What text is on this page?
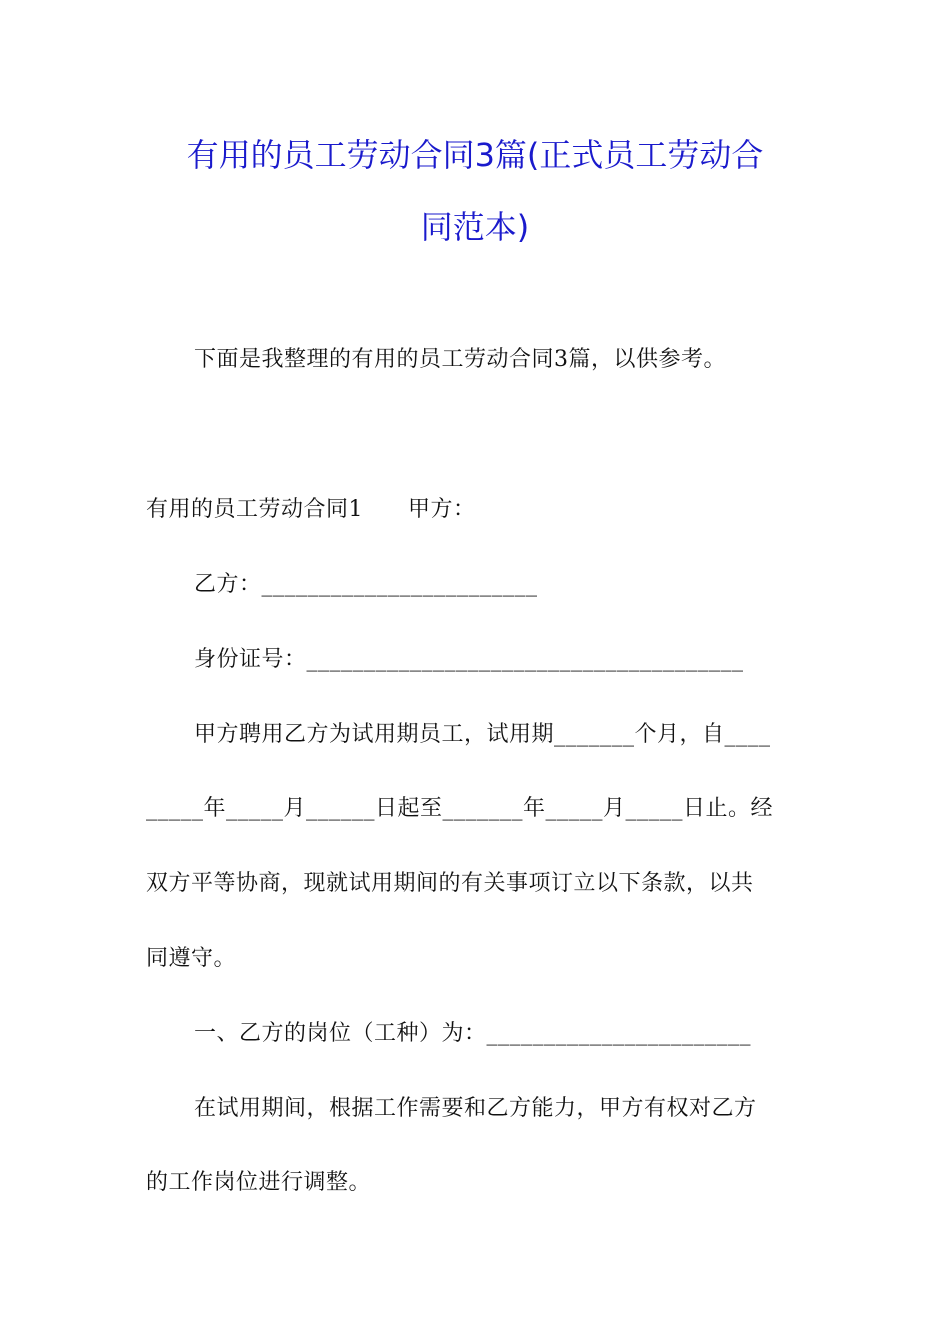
有用的员工劳动合同3篇(正式员工劳动合
同范本)
下面是我整理的有用的员工劳动合同3篇，以供参考。
有用的员工劳动合同1      甲方：
乙方：________________________
身份证号：______________________________________
甲方聘用乙方为试用期员工，试用期_______个月，自____
_____年_____月______日起至_______年_____月_____日止。经
双方平等协商，现就试用期间的有关事项订立以下条款，以共
同遵守。
一、乙方的岗位（工种）为：_______________________
在试用期间，根据工作需要和乙方能力，甲方有权对乙方
的工作岗位进行调整。
